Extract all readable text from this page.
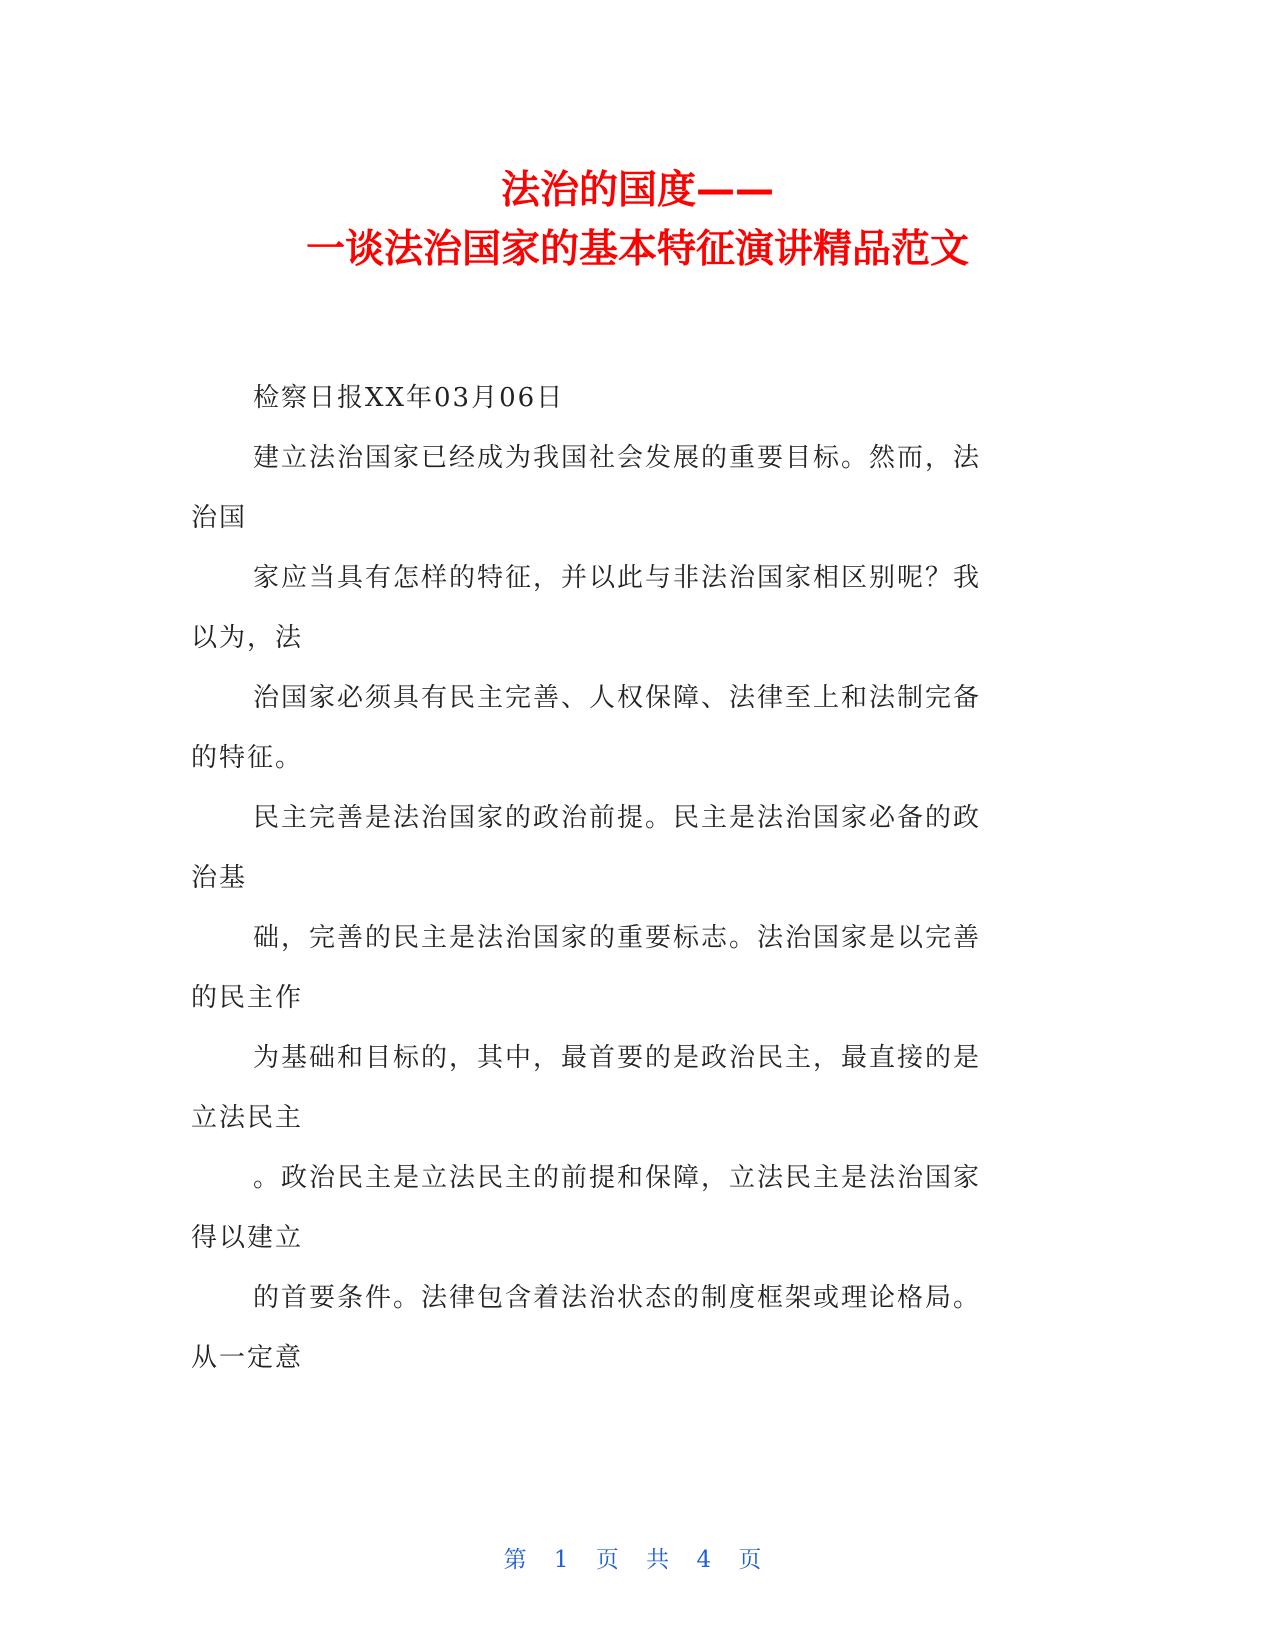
法治的国度——
一谈法治国家的基本特征演讲精品范文
检察日报XX年03月06日
建立法治国家已经成为我国社会发展的重要目标。然而，法
治国
家应当具有怎样的特征，并以此与非法治国家相区别呢？我
以为，法
治国家必须具有民主完善、人权保障、法律至上和法制完备
的特征。
民主完善是法治国家的政治前提。民主是法治国家必备的政
治基
础，完善的民主是法治国家的重要标志。法治国家是以完善
的民主作
为基础和目标的，其中，最首要的是政治民主，最直接的是
立法民主
。政治民主是立法民主的前提和保障，立法民主是法治国家
得以建立
的首要条件。法律包含着法治状态的制度框架或理论格局。
从一定意
第 1 页 共 4 页
